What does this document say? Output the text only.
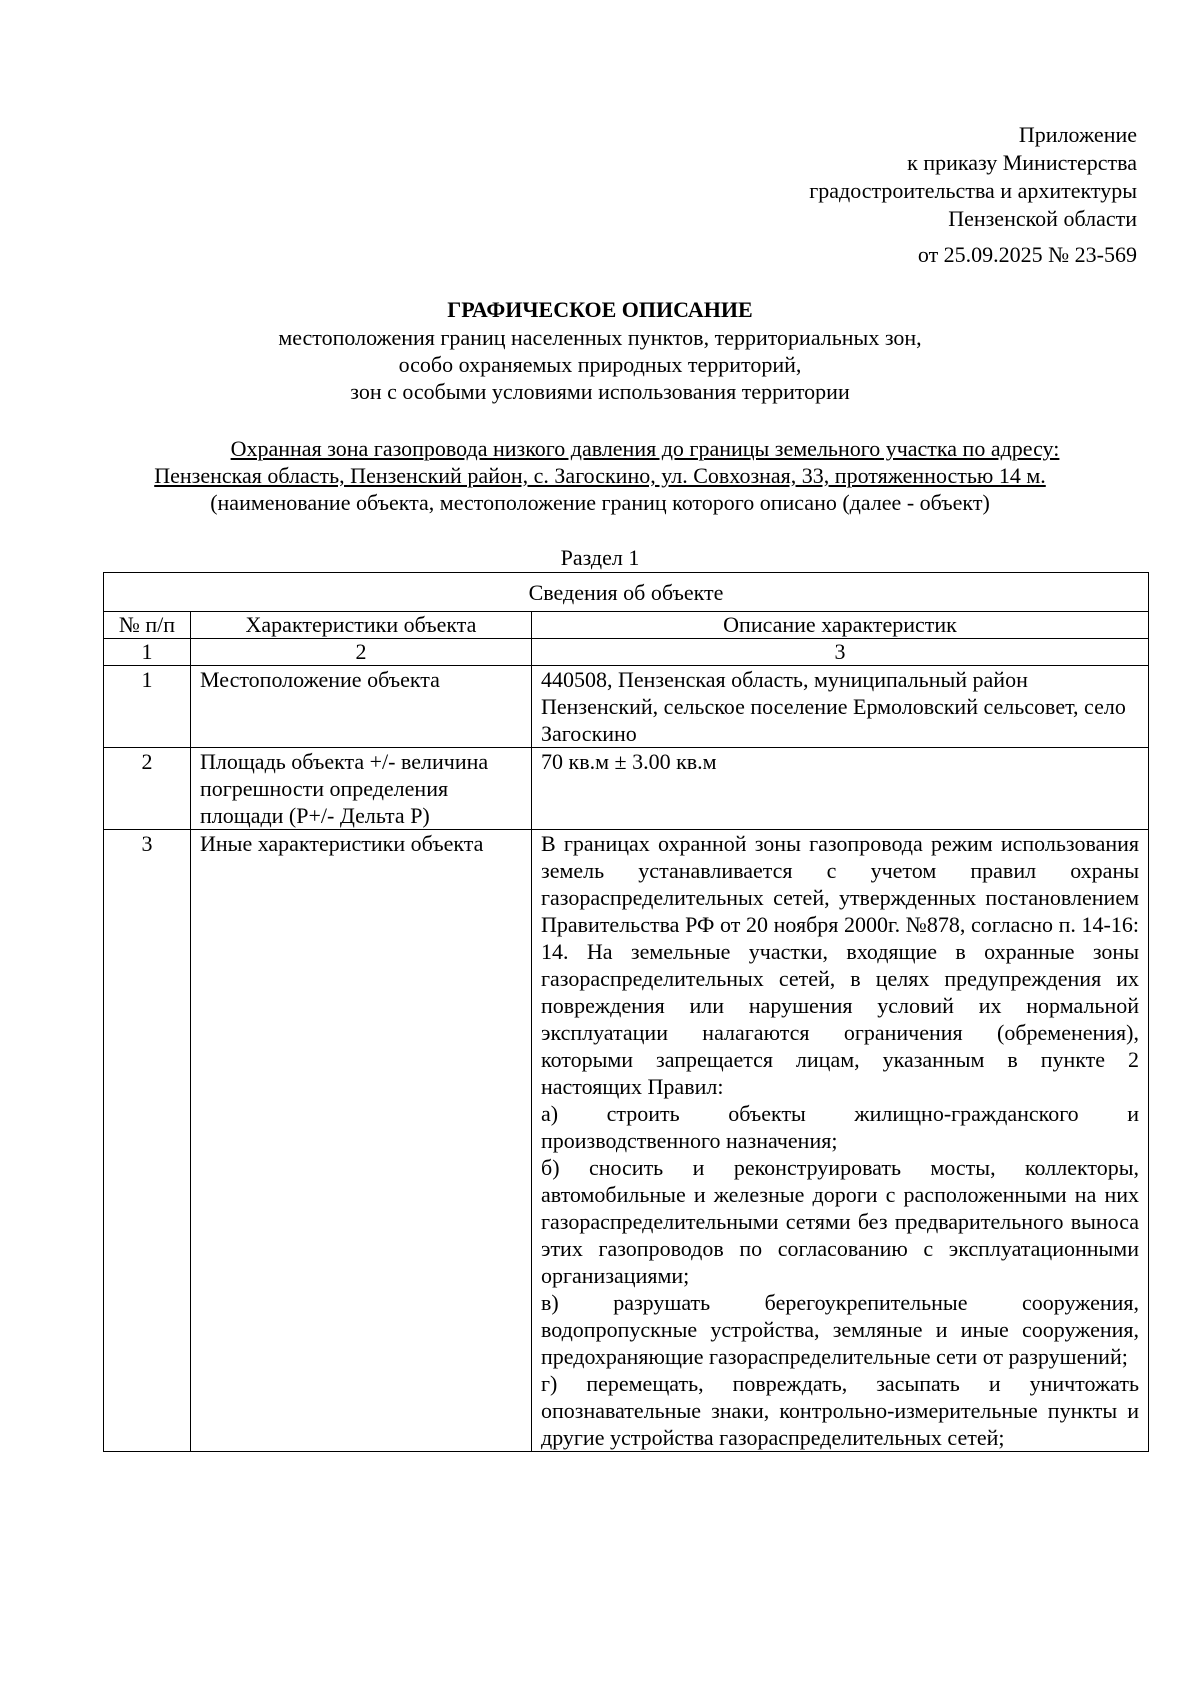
Приложение
к приказу Министерства
градостроительства и архитектуры
Пензенской области
от 25.09.2025 № 23-569
ГРАФИЧЕСКОЕ ОПИСАНИЕ
местоположения границ населенных пунктов, территориальных зон,
особо охраняемых природных территорий,
зон с особыми условиями использования территории
Охранная зона газопровода низкого давления до границы земельного участка по адресу:
Пензенская область, Пензенский район, с. Загоскино, ул. Совхозная, 33, протяженностью 14 м.
(наименование объекта, местоположение границ которого описано (далее - объект)
Раздел 1
Сведения об объекте		
№ п/п	Характеристики объекта	Описание характеристик
1	2	3
1	Местоположение объекта	440508, Пензенская область, муниципальный район Пензенский, сельское поселение Ермоловский сельсовет, село Загоскино

2	Площадь объекта +/- величина погрешности определения площади (P+/- Дельта P)	70 кв.м ± 3.00 кв.м

3	Иные характеристики объекта	В границах охранной зоны газопровода режим использования земель устанавливается с учетом правил охраны газораспределительных сетей, утвержденных постановлением Правительства РФ от 20 ноября 2000г. №878, согласно п. 14-16: 14. На земельные участки, входящие в охранные зоны газораспределительных сетей, в целях предупреждения их повреждения или нарушения условий их нормальной эксплуатации налагаются ограничения (обременения), которыми запрещается лицам, указанным в пункте 2 настоящих Правил:
а) строить объекты жилищно-гражданского и производственного назначения;
б) сносить и реконструировать мосты, коллекторы, автомобильные и железные дороги с расположенными на них газораспределительными сетями без предварительного выноса этих газопроводов по согласованию с эксплуатационными организациями;
в) разрушать берегоукрепительные сооружения, водопропускные устройства, земляные и иные сооружения, предохраняющие газораспределительные сети от разрушений;
г) перемещать, повреждать, засыпать и уничтожать опознавательные знаки, контрольно-измерительные пункты и другие устройства газораспределительных сетей;
